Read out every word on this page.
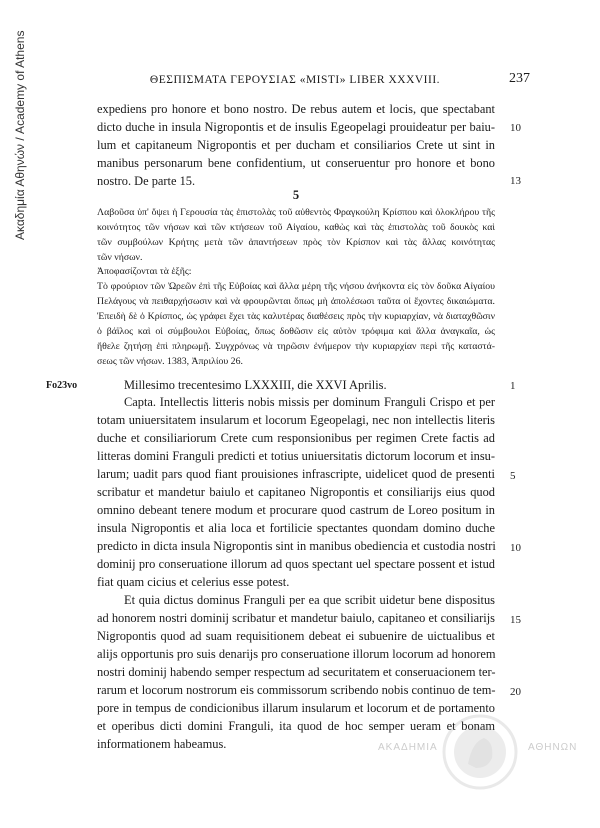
Ακαδημία Αθηνών / Academy of Athens	ΘΕΣΠΙΣΜΑΤΑ ΓΕΡΟΥΣΙΑΣ «MISTI» LIBER XXXVIII.	237
expediens pro honore et bono nostro. De rebus autem et locis, que spectabant
dicto duche in insula Nigropontis et de insulis Egeopelagi prouideatur per baiu-
lum et capitaneum Nigropontis et per ducham et consiliarios Crete ut sint in
manibus personarum bene confidentium, ut conseruentur pro honore et bono
nostro. De parte 15.
10
13
5
Λαβοῦσα ὑπ' ὄψει ἡ Γερουσία τὰς ἐπιστολὰς τοῦ αὐθεντὸς Φραγκούλη Κρίσπου καὶ ὁλοκλήρου τῆς
κοινότητος τῶν νήσων καὶ τῶν κτήσεων τοῦ Αἰγαίου, καθὼς καὶ τὰς ἐπιστολὰς τοῦ δουκὸς καὶ
τῶν συμβούλων Κρήτης μετὰ τῶν ἀπαντήσεων πρὸς τὸν Κρίσπον καὶ τὰς ἄλλας κοινότητας
τῶν νήσων.
Ἀποφασίζονται τὰ ἑξῆς:
Τὸ φρούριον τῶν Ὠρεῶν ἐπὶ τῆς Εὐβοίας καὶ ἄλλα μέρη τῆς νήσου ἀνήκοντα εἰς τὸν δοῦκα Αἰγαίου
Πελάγους νὰ πειθαρχήσωσιν καὶ νὰ φρουρῶνται ὅπως μὴ ἀπολέσωσι ταῦτα οἱ ἔχοντες δικαιώματα.
Ἐπειδὴ δὲ ὁ Κρίσπος, ὡς γράφει ἔχει τὰς καλυτέρας διαθέσεις πρὸς τὴν κυριαρχίαν, νὰ διαταχθῶσιν
ὁ βάϊλος καὶ οἱ σύμβουλοι Εὐβοίας, ὅπως δοθῶσιν εἰς αὐτὸν τρόφιμα καὶ ἄλλα ἀναγκαῖα, ὡς
ἤθελε ζητήσῃ ἐπὶ πληρωμῇ. Συγχρόνως νὰ τηρῶσιν ἐνήμερον τὴν κυριαρχίαν περὶ τῆς καταστά-
σεως τῶν νήσων. 1383, Ἀπριλίου 26.
Fo23vo	Millesimo trecentesimo LXXXIII, die XXVI Aprilis.	1
Capta. Intellectis litteris nobis missis per dominum Franguli Crispo et per
totam uniuersitatem insularum et locorum Egeopelagi, nec non intellectis literis
duche et consiliariorum Crete cum responsionibus per regimen Crete factis ad
litteras domini Franguli predicti et totius uniuersitatis dictorum locorum et insu-
larum; uadit pars quod fiant prouisiones infrascripte, uidelicet quod de presenti
scribatur et mandetur baiulo et capitaneo Nigropontis et consiliarijs eius quod
omnino debeant tenere modum et procurare quod castrum de Loreo positum in
insula Nigropontis et alia loca et fortilicie spectantes quondam domino duche
predicto in dicta insula Nigropontis sint in manibus obediencia et custodia nostri
dominij pro conseruatione illorum ad quos spectant uel spectare possent et istud
fiat quam cicius et celerius esse potest.
Et quia dictus dominus Franguli per ea que scribit uidetur bene dispositus
ad honorem nostri dominij scribatur et mandetur baiulo, capitaneo et consiliarijs
Nigropontis quod ad suam requisitionem debeat ei subuenire de uictualibus et
alijs opportunis pro suis denarijs pro conseruatione illorum locorum ad honorem
nostri dominij habendo semper respectum ad securitatem et conseruacionem ter-
rarum et locorum nostrorum eis commissorum scribendo nobis continuo de tem-
pore in tempus de condicionibus illarum insularum et locorum et de portamento
et operibus dicti domini Franguli, ita quod de hoc semper ueram et bonam
informationem habeamus.
5
10
15
20
ΑΚΑΔΗΜΙΑ	ΑΘΗΝΩΝ
